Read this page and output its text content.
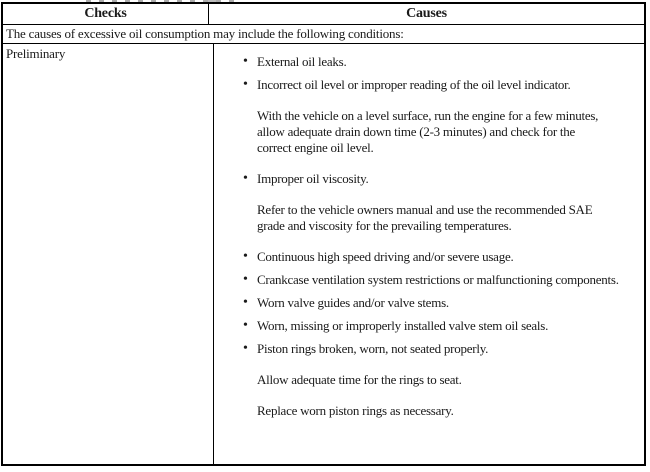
Checks	Causes
The causes of excessive oil consumption may include the following conditions:
Preliminary
• External oil leaks.
• Incorrect oil level or improper reading of the oil level indicator.
With the vehicle on a level surface, run the engine for a few minutes, allow adequate drain down time (2-3 minutes) and check for the correct engine oil level.
• Improper oil viscosity.
Refer to the vehicle owners manual and use the recommended SAE grade and viscosity for the prevailing temperatures.
• Continuous high speed driving and/or severe usage.
• Crankcase ventilation system restrictions or malfunctioning components.
• Worn valve guides and/or valve stems.
• Worn, missing or improperly installed valve stem oil seals.
• Piston rings broken, worn, not seated properly.
Allow adequate time for the rings to seat.
Replace worn piston rings as necessary.
